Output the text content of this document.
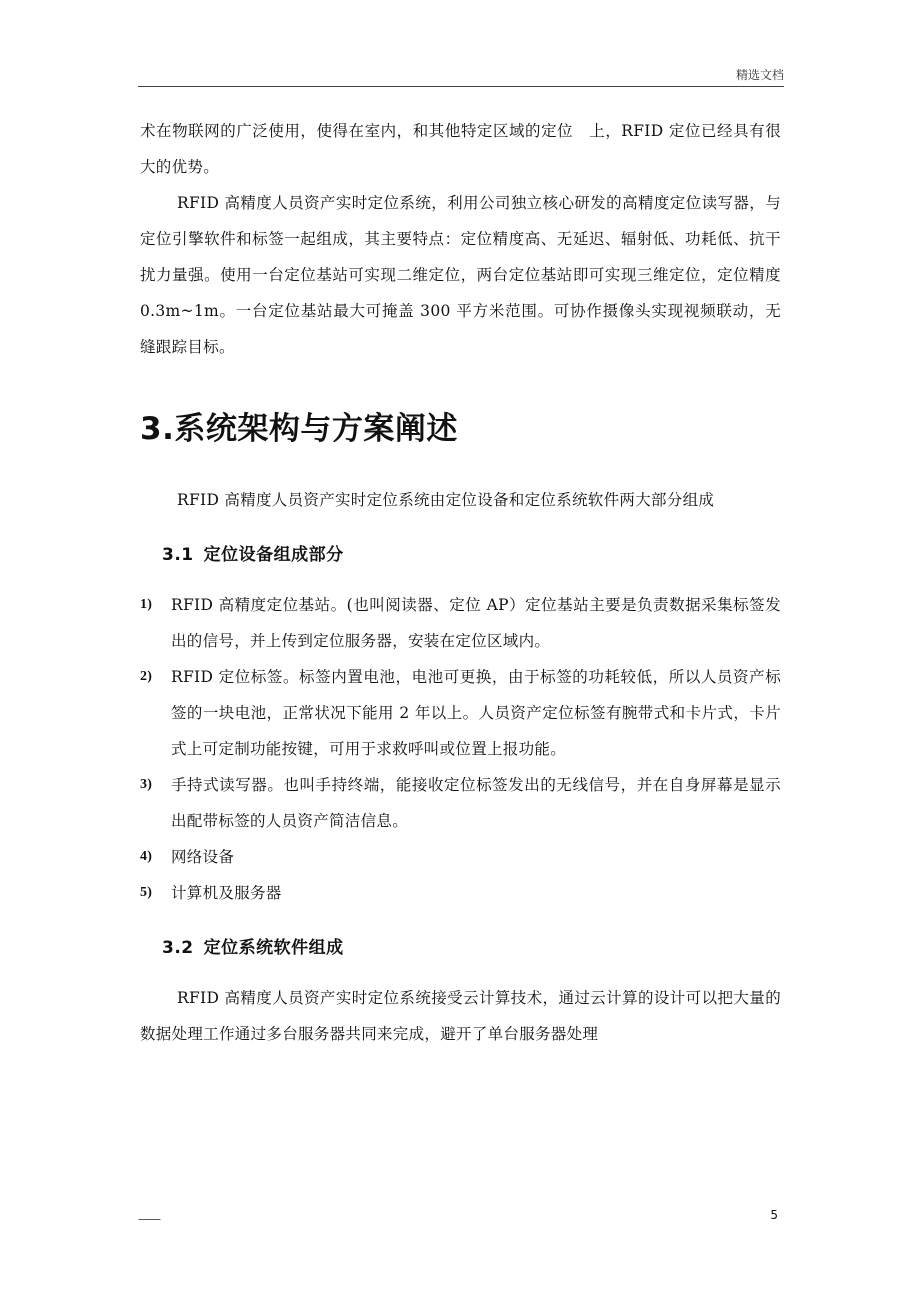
精选文档

术在物联网的广泛使用，使得在室内，和其他特定区域的定位　上，RFID 定位已经具有很大的优势。

RFID 高精度人员资产实时定位系统，利用公司独立核心研发的高精度定位读写器，与定位引擎软件和标签一起组成，其主要特点：定位精度高、无延迟、辐射低、功耗低、抗干扰力量强。使用一台定位基站可实现二维定位，两台定位基站即可实现三维定位，定位精度 0.3m~1m。一台定位基站最大可掩盖 300 平方米范围。可协作摄像头实现视频联动，无缝跟踪目标。

3.系统架构与方案阐述

RFID 高精度人员资产实时定位系统由定位设备和定位系统软件两大部分组成

3.1 定位设备组成部分
1) RFID 高精度定位基站。(也叫阅读器、定位 AP）定位基站主要是负责数据采集标签发出的信号，并上传到定位服务器，安装在定位区域内。
2) RFID 定位标签。标签内置电池，电池可更换，由于标签的功耗较低，所以人员资产标签的一块电池，正常状况下能用 2 年以上。人员资产定位标签有腕带式和卡片式，卡片式上可定制功能按键，可用于求救呼叫或位置上报功能。
3) 手持式读写器。也叫手持终端，能接收定位标签发出的无线信号，并在自身屏幕是显示出配带标签的人员资产简洁信息。
4) 网络设备
5) 计算机及服务器
3.2 定位系统软件组成

RFID 高精度人员资产实时定位系统接受云计算技术，通过云计算的设计可以把大量的数据处理工作通过多台服务器共同来完成，避开了单台服务器处理

——	5
